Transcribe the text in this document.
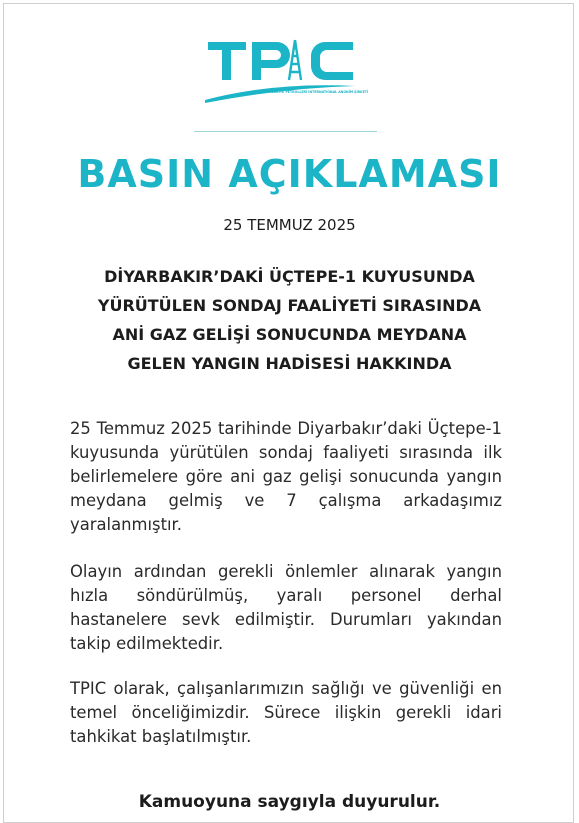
TÜRKİYE PETROLLERİ INTERNATIONAL ANONİM ŞİRKETİ
BASIN AÇIKLAMASI
25 TEMMUZ 2025
DİYARBAKIR’DAKİ ÜÇTEPE-1 KUYUSUNDA
YÜRÜTÜLEN SONDAJ FAALİYETİ SIRASINDA
ANİ GAZ GELİŞİ SONUCUNDA MEYDANA
GELEN YANGIN HADİSESİ HAKKINDA
25 Temmuz 2025 tarihinde Diyarbakır’daki Üçtepe-1 kuyusunda yürütülen sondaj faaliyeti sırasında ilk belirlemelere göre ani gaz gelişi sonucunda yangın meydana gelmiş ve 7 çalışma arkadaşımız yaralanmıştır.
Olayın ardından gerekli önlemler alınarak yangın hızla söndürülmüş, yaralı personel derhal hastanelere sevk edilmiştir. Durumları yakından takip edilmektedir.
TPIC olarak, çalışanlarımızın sağlığı ve güvenliği en temel önceliğimizdir. Sürece ilişkin gerekli idari tahkikat başlatılmıştır.
Kamuoyuna saygıyla duyurulur.
